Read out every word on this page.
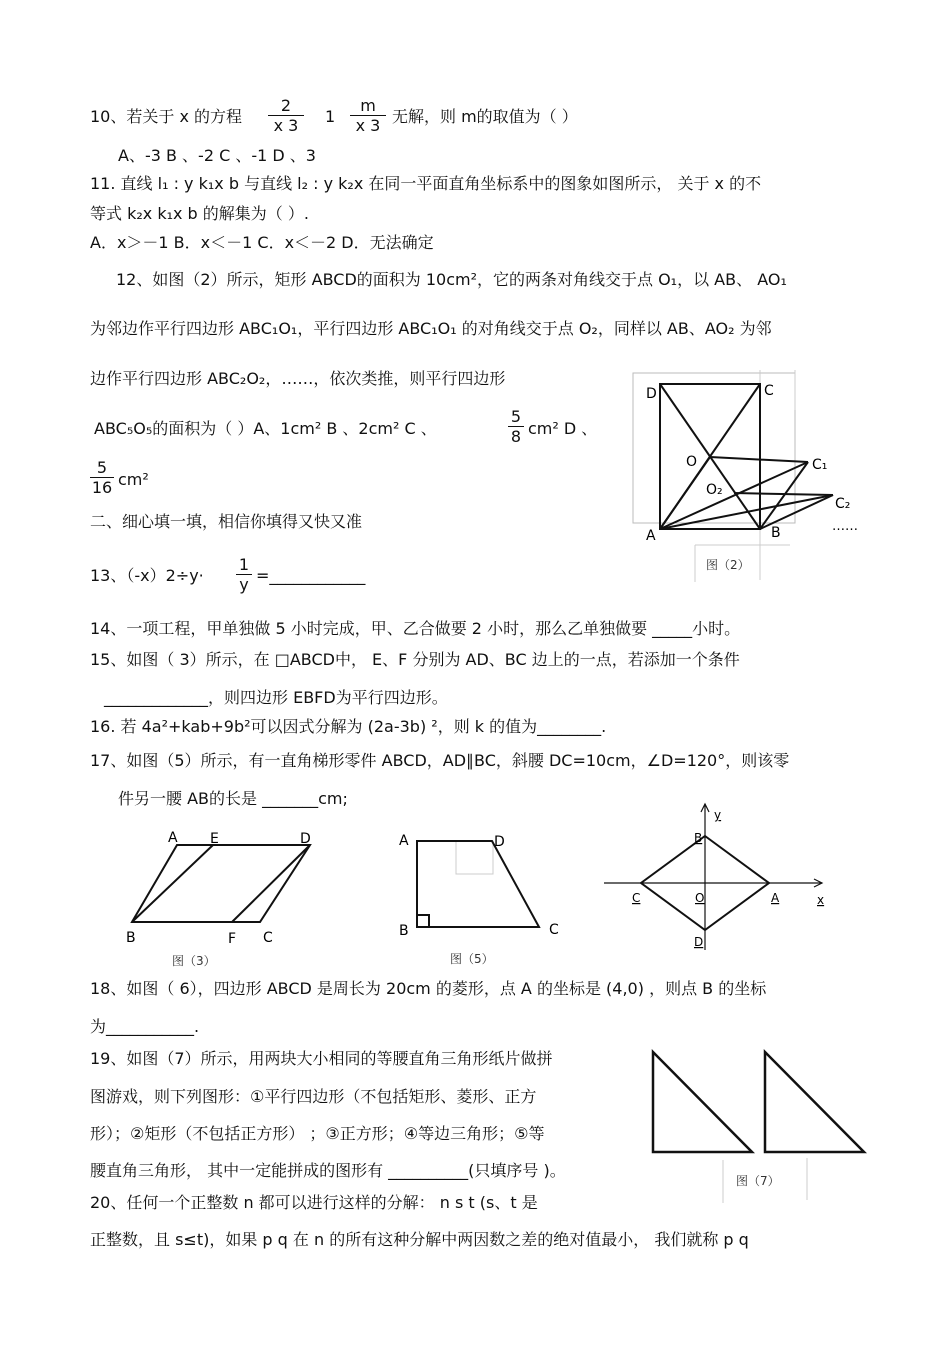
10、若关于 x 的方程 $\frac{2}{x 3} 1 \frac{m}{x 3}$ 无解，则 m的取值为（ ）
A、-3 B 、-2 C 、-1 D 、3
11. 直线 l₁ : y k₁x b 与直线 l₂ : y k₂x 在同一平面直角坐标系中的图象如图所示， 关于 x 的不
等式 k₂x k₁x b 的解集为（ ）.
A．x＞－1 B．x＜－1 C．x＜－2 D．无法确定
12、如图（2）所示，矩形 ABCD的面积为 10cm²，它的两条对角线交于点 O₁，以 AB、 AO₁
为邻边作平行四边形 ABC₁O₁，平行四边形 ABC₁O₁ 的对角线交于点 O₂，同样以 AB、AO₂ 为邻
边作平行四边形 ABC₂O₂，……，依次类推，则平行四边形
ABC₅O₅的面积为（ ）A、1cm² B 、2cm² C 、	$\frac{5}{8} cm^2$ D 、
$\frac{5}{16} cm^2$
二、细心填一填，相信你填得又快又准
13、$(-x)2\div y\cdot \frac{1}{y}$ =____________
14、一项工程，甲单独做 5 小时完成，甲、乙合做要 2 小时，那么乙单独做要 _____小时。
15、如图（ 3）所示，在 □ABCD中， E、F 分别为 AD、BC 边上的一点，若添加一个条件
_____________，则四边形 EBFD为平行四边形。
16. 若 4a²+kab+9b²可以因式分解为 (2a-3b) ²，则 k 的值为________.
17、如图（5）所示，有一直角梯形零件 ABCD，AD∥BC，斜腰 DC=10cm，∠D=120°，则该零
件另一腰 AB的长是 _______cm;
18、如图（ 6），四边形 ABCD 是周长为 20cm 的菱形，点 A 的坐标是 (4,0) ，则点 B 的坐标
为___________.
19、如图（7）所示，用两块大小相同的等腰直角三角形纸片做拼
图游戏，则下列图形：①平行四边形（不包括矩形、菱形、正方
形）；②矩形（不包括正方形） ；③正方形；④等边三角形；⑤等
腰直角三角形， 其中一定能拼成的图形有 __________(只填序号 )。
20、任何一个正整数 n 都可以进行这样的分解： n s t (s、t 是
正整数，且 s≤t)，如果 p q 在 n 的所有这种分解中两因数之差的绝对值最小， 我们就称 p q
D	C
O	C₁
O₂
C₂
A	B	……
图（2）
A E	D
B	F C
图（3）
A	D
B	C
图（5）
y
B
C	O	A	x
D
图（7）
